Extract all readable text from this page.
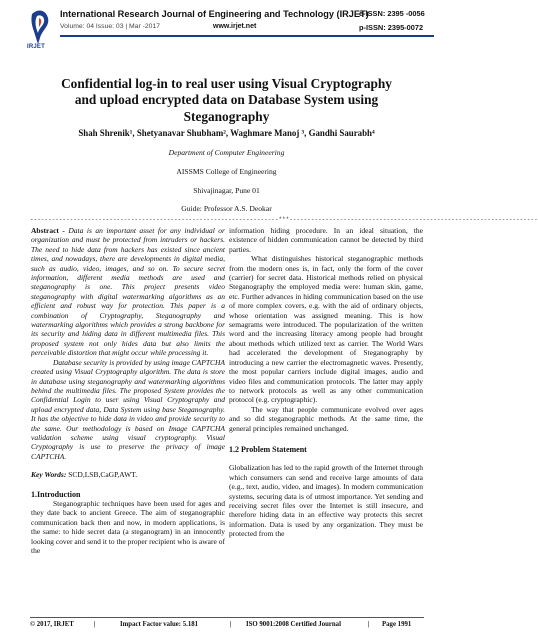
IRJET
International Research Journal of Engineering and Technology (IRJET)
Volume: 04 Issue: 03 | Mar -2017	www.irjet.net
e-ISSN: 2395 -0056
p-ISSN: 2395-0072
Confidential log-in to real user using Visual Cryptography
and upload encrypted data on Database System using
Steganography
Shah Shrenik¹, Shetyanavar Shubham², Waghmare Manoj ³, Gandhi Saurabh⁴
Department of Computer Engineering
AISSMS College of Engineering
Shivajinagar, Pune 01
Guide: Professor A.S. Deokar
---------------------------------------------------------------------***---------------------------------------------------------------------

Abstract - Data is an important asset for any individual or organization and must be protected from intruders or hackers. The need to hide data from hackers has existed since ancient times, and nowadays, there are developments in digital media, such as audio, video, images, and so on. To secure secret information, different media methods are used and steganography is one. This project presents video steganography with digital watermarking algorithms as an efficient and robust way for protection. This paper is a combination of Cryptography, Steganography and watermarking algorithms which provides a strong backbone for its security and hiding data in different multimedia files. This proposed system not only hides data but also limits the perceivable distortion that might occur while processing it.

Database security is provided by using image CAPTCHA created using Visual Cryptography algorithm. The data is store in database using steganography and watermarking algorithms behind the multimedia files. The proposed System provides the Confidential Login to user using Visual Cryptography and upload encrypted data, Data System using base Steganography. It has the objective to hide data in video and provide security to the same. Our methodology is based on Image CAPTCHA validation scheme using visual cryptography. Visual Cryptography is use to preserve the privacy of image CAPTCHA.

Key Words: SCD,LSB,CaGP,AWT.

1.Introduction

Steganographic techniques have been used for ages and they date back to ancient Greece. The aim of steganographic communication back then and now, in modern applications, is the same: to hide secret data (a steganogram) in an innocently looking cover and send it to the proper recipient who is aware of the

information hiding procedure. In an ideal situation, the existence of hidden communication cannot be detected by third parties.

What distinguishes historical steganographic methods from the modern ones is, in fact, only the form of the cover (carrier) for secret data. Historical methods relied on physical Steganography the employed media were: human skin, game, etc. Further advances in hiding communication based on the use of more complex covers, e.g. with the aid of ordinary objects, whose orientation was assigned meaning. This is how semagrams were introduced. The popularization of the written word and the increasing literacy among people had brought about methods which utilized text as carrier. The World Wars had accelerated the development of Steganography by introducing a new carrier the electromagnetic waves. Presently, the most popular carriers include digital images, audio and video files and communication protocols. The latter may apply to network protocols as well as any other communication protocol (e.g. cryptographic).

The way that people communicate evolved over ages and so did steganographic methods. At the same time, the general principles remained unchanged.

1.2 Problem Statement

Globalization has led to the rapid growth of the Internet through which consumers can send and receive large amounts of data (e.g., text, audio, video, and images). In modern communication systems, securing data is of utmost importance. Yet sending and receiving secret files over the Internet is still insecure, and therefore hiding data in an effective way protects this secret information. Data is used by any organization. They must be protected from the

© 2017, IRJET	|	Impact Factor value: 5.181	| ISO 9001:2008 Certified Journal	| Page 1991
